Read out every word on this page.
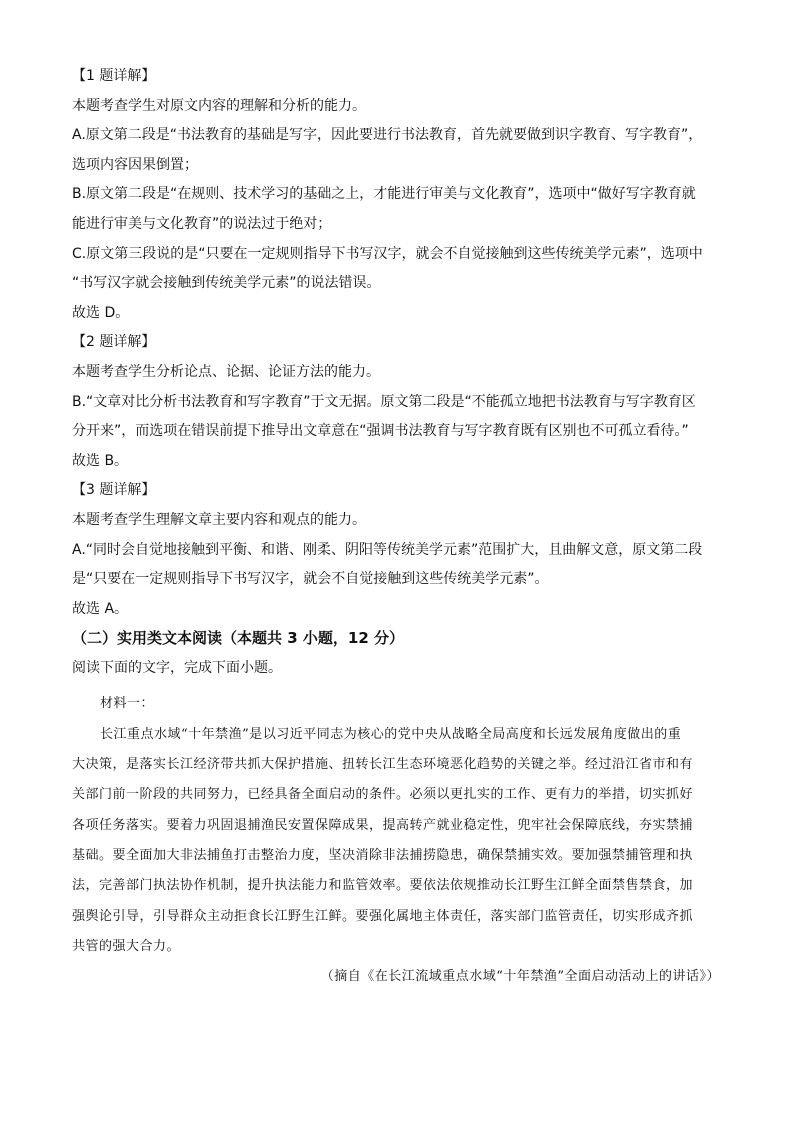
【1 题详解】

本题考查学生对原文内容的理解和分析的能力。

A.原文第二段是“书法教育的基础是写字，因此要进行书法教育，首先就要做到识字教育、写字教育”，

选项内容因果倒置；

B.原文第二段是“在规则、技术学习的基础之上，才能进行审美与文化教育”，选项中“做好写字教育就

能进行审美与文化教育”的说法过于绝对；

C.原文第三段说的是“只要在一定规则指导下书写汉字，就会不自觉接触到这些传统美学元素”，选项中

“书写汉字就会接触到传统美学元素”的说法错误。

故选 D。

【2 题详解】

本题考查学生分析论点、论据、论证方法的能力。

B.“文章对比分析书法教育和写字教育”于文无据。原文第二段是“不能孤立地把书法教育与写字教育区

分开来”，而选项在错误前提下推导出文章意在“强调书法教育与写字教育既有区别也不可孤立看待。”

故选 B。

【3 题详解】

本题考查学生理解文章主要内容和观点的能力。

A.“同时会自觉地接触到平衡、和谐、刚柔、阴阳等传统美学元素”范围扩大，且曲解文意，原文第二段

是“只要在一定规则指导下书写汉字，就会不自觉接触到这些传统美学元素”。

故选 A。

（二）实用类文本阅读（本题共 3 小题，12 分）

阅读下面的文字，完成下面小题。

材料一：

长江重点水域“十年禁渔”是以习近平同志为核心的党中央从战略全局高度和长远发展角度做出的重

大决策，是落实长江经济带共抓大保护措施、扭转长江生态环境恶化趋势的关键之举。经过沿江省市和有

关部门前一阶段的共同努力，已经具备全面启动的条件。必须以更扎实的工作、更有力的举措，切实抓好

各项任务落实。要着力巩固退捕渔民安置保障成果，提高转产就业稳定性，兜牢社会保障底线，夯实禁捕

基础。要全面加大非法捕鱼打击整治力度，坚决消除非法捕捞隐患，确保禁捕实效。要加强禁捕管理和执

法，完善部门执法协作机制，提升执法能力和监管效率。要依法依规推动长江野生江鲜全面禁售禁食，加

强舆论引导，引导群众主动拒食长江野生江鲜。要强化属地主体责任，落实部门监管责任，切实形成齐抓

共管的强大合力。

（摘自《在长江流域重点水域“十年禁渔”全面启动活动上的讲话》）
